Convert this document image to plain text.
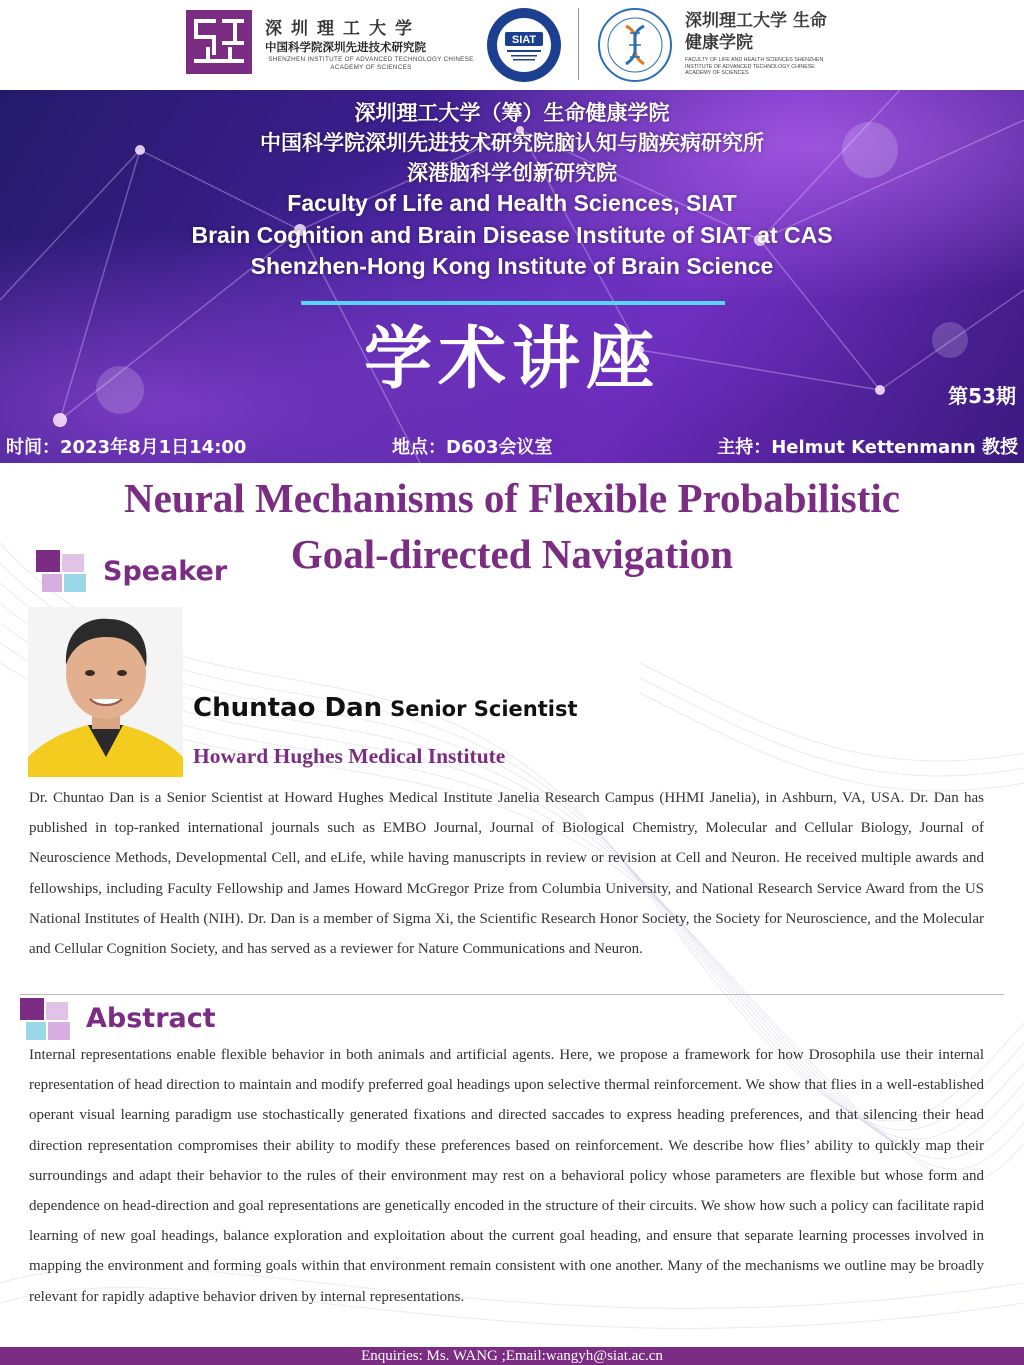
深圳理工大学
中国科学院深圳先进技术研究院
SHENZHEN INSTITUTE OF ADVANCED TECHNOLOGY CHINESE ACADEMY OF SCIENCES
SIAT
深圳理工大学 生命健康学院
FACULTY OF LIFE AND HEALTH SCIENCES SHENZHEN INSTITUTE OF ADVANCED TECHNOLOGY CHINESE ACADEMY OF SCIENCES
深圳理工大学（筹）生命健康学院
中国科学院深圳先进技术研究院脑认知与脑疾病研究所
深港脑科学创新研究院
Faculty of Life and Health Sciences, SIAT
Brain Cognition and Brain Disease Institute of SIAT at CAS
Shenzhen-Hong Kong Institute of Brain Science
学术讲座	第53期
时间：2023年8月1日14:00	地点：D603会议室	主持：Helmut Kettenmann 教授
Neural Mechanisms of Flexible Probabilistic
Goal-directed Navigation
Speaker
Chuntao Dan Senior Scientist
Howard Hughes Medical Institute
Dr. Chuntao Dan is a Senior Scientist at Howard Hughes Medical Institute Janelia Research Campus (HHMI Janelia), in Ashburn, VA, USA. Dr. Dan has published in top-ranked international journals such as EMBO Journal, Journal of Biological Chemistry, Molecular and Cellular Biology, Journal of Neuroscience Methods, Developmental Cell, and eLife, while having manuscripts in review or revision at Cell and Neuron. He received multiple awards and fellowships, including Faculty Fellowship and James Howard McGregor Prize from Columbia University, and National Research Service Award from the US National Institutes of Health (NIH). Dr. Dan is a member of Sigma Xi, the Scientific Research Honor Society, the Society for Neuroscience, and the Molecular and Cellular Cognition Society, and has served as a reviewer for Nature Communications and Neuron.
Abstract
Internal representations enable flexible behavior in both animals and artificial agents. Here, we propose a framework for how Drosophila use their internal representation of head direction to maintain and modify preferred goal headings upon selective thermal reinforcement. We show that flies in a well-established operant visual learning paradigm use stochastically generated fixations and directed saccades to express heading preferences, and that silencing their head direction representation compromises their ability to modify these preferences based on reinforcement. We describe how flies’ ability to quickly map their surroundings and adapt their behavior to the rules of their environment may rest on a behavioral policy whose parameters are flexible but whose form and dependence on head-direction and goal representations are genetically encoded in the structure of their circuits. We show how such a policy can facilitate rapid learning of new goal headings, balance exploration and exploitation about the current goal heading, and ensure that separate learning processes involved in mapping the environment and forming goals within that environment remain consistent with one another. Many of the mechanisms we outline may be broadly relevant for rapidly adaptive behavior driven by internal representations.
Enquiries: Ms. WANG ;Email:wangyh@siat.ac.cn
